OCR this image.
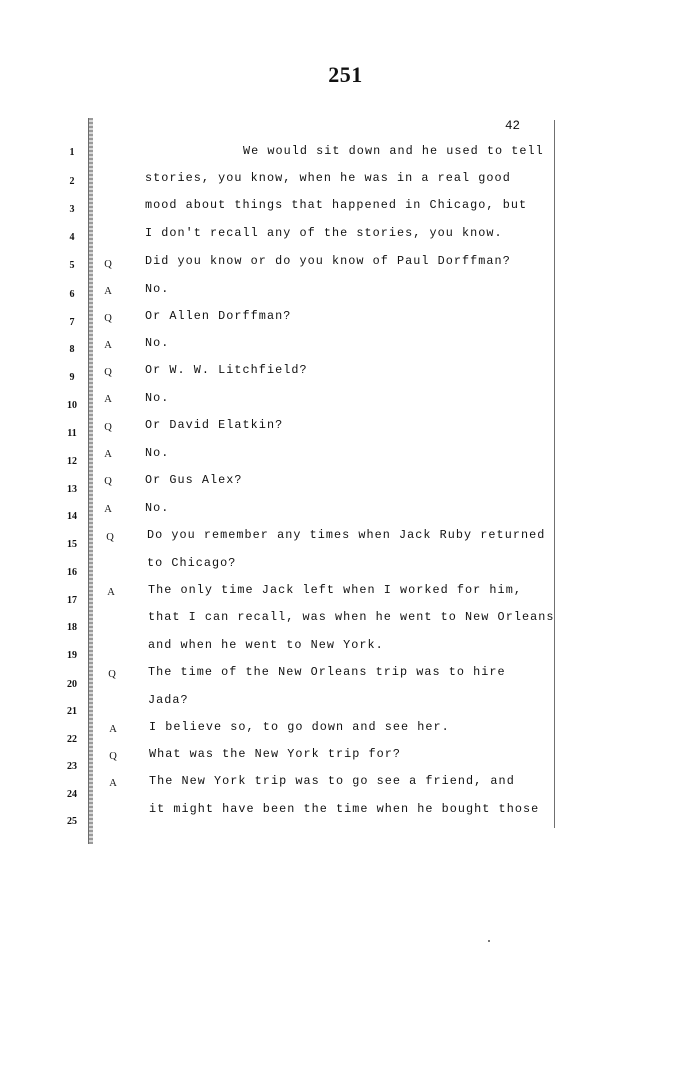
251
42
1
2
3
4
5
6
7
8
9
10
11
12
13
14
15
16
17
18
19
20
21
22
23
24
25
Q
A
Q
A
Q
A
Q
A
Q
A
Q
A
Q
A
Q
A
We would sit down and he used to tell
stories, you know, when he was in a real good
mood about things that happened in Chicago, but
I don't recall any of the stories, you know.
Did you know or do you know of Paul Dorffman?
No.
Or Allen Dorffman?
No.
Or W. W. Litchfield?
No.
Or David Elatkin?
No.
Or Gus Alex?
No.
Do you remember any times when Jack Ruby returned
to Chicago?
The only time Jack left when I worked for him,
that I can recall, was when he went to New Orleans
and when he went to New York.
The time of the New Orleans trip was to hire
Jada?
I believe so, to go down and see her.
What was the New York trip for?
The New York trip was to go see a friend, and
it might have been the time when he bought those
